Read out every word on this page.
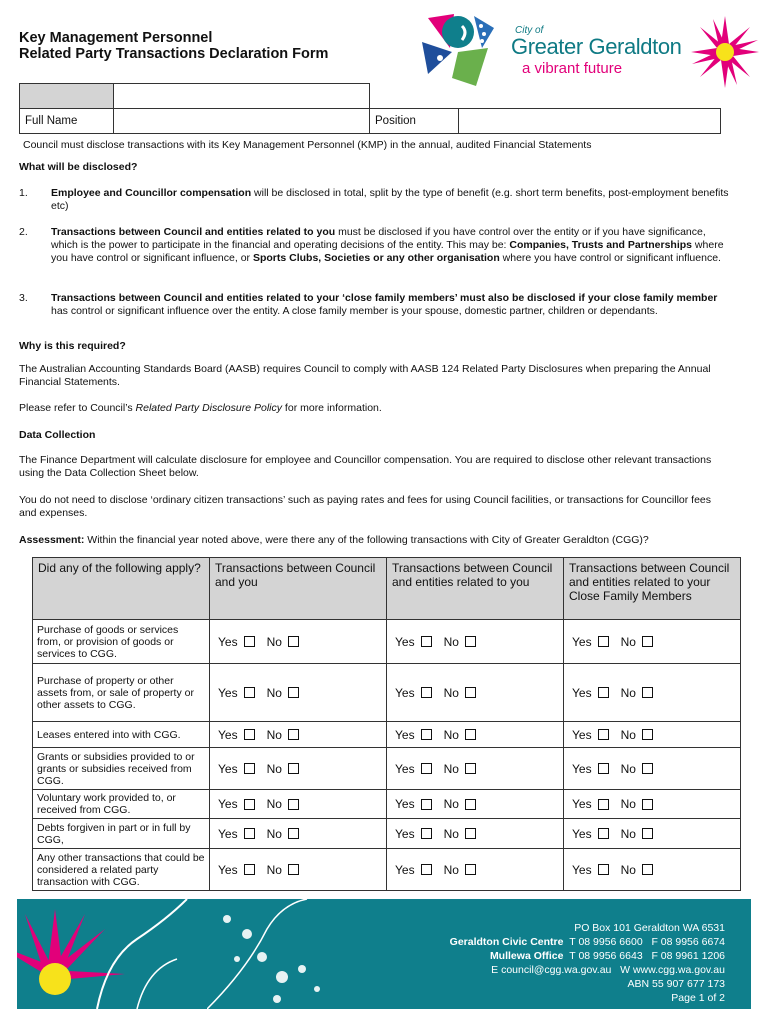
Key Management Personnel
Related Party Transactions Declaration Form
City of
Greater Geraldton
a vibrant future

Full Name		Position	
Council must disclose transactions with its Key Management Personnel (KMP) in the annual, audited Financial Statements
What will be disclosed?
1. Employee and Councillor compensation will be disclosed in total, split by the type of benefit (e.g. short term benefits, post-employment benefits etc)
2. Transactions between Council and entities related to you must be disclosed if you have control over the entity or if you have significance, which is the power to participate in the financial and operating decisions of the entity. This may be: Companies, Trusts and Partnerships where you have control or significant influence, or Sports Clubs, Societies or any other organisation where you have control or significant influence.
3. Transactions between Council and entities related to your ‘close family members’ must also be disclosed if your close family member has control or significant influence over the entity. A close family member is your spouse, domestic partner, children or dependants.
Why is this required?
The Australian Accounting Standards Board (AASB) requires Council to comply with AASB 124 Related Party Disclosures when preparing the Annual Financial Statements.
Please refer to Council’s Related Party Disclosure Policy for more information.
Data Collection
The Finance Department will calculate disclosure for employee and Councillor compensation. You are required to disclose other relevant transactions using the Data Collection Sheet below.
You do not need to disclose ‘ordinary citizen transactions’ such as paying rates and fees for using Council facilities, or transactions for Councillor fees and expenses.
Assessment: Within the financial year noted above, were there any of the following transactions with City of Greater Geraldton (CGG)?
Did any of the following apply?	Transactions between Council and you	Transactions between Council and entities related to you	Transactions between Council and entities related to your Close Family Members
Purchase of goods or services from, or provision of goods or services to CGG.	Yes No	Yes No	Yes No

Purchase of property or other assets from, or sale of property or other assets to CGG.	Yes No	Yes No	Yes No

Leases entered into with CGG.	Yes No	Yes No	Yes No

Grants or subsidies provided to or grants or subsidies received from CGG.	Yes No	Yes No	Yes No

Voluntary work provided to, or received from CGG.	Yes No	Yes No	Yes No

Debts forgiven in part or in full by CGG,	Yes No	Yes No	Yes No

Any other transactions that could be considered a related party transaction with CGG.	Yes No	Yes No	Yes No
PO Box 101 Geraldton WA 6531
Geraldton Civic Centre T 08 9956 6600 F 08 9956 6674
Mullewa Office T 08 9956 6643 F 08 9961 1206
E council@cgg.wa.gov.au W www.cgg.wa.gov.au
ABN 55 907 677 173
Page 1 of 2
